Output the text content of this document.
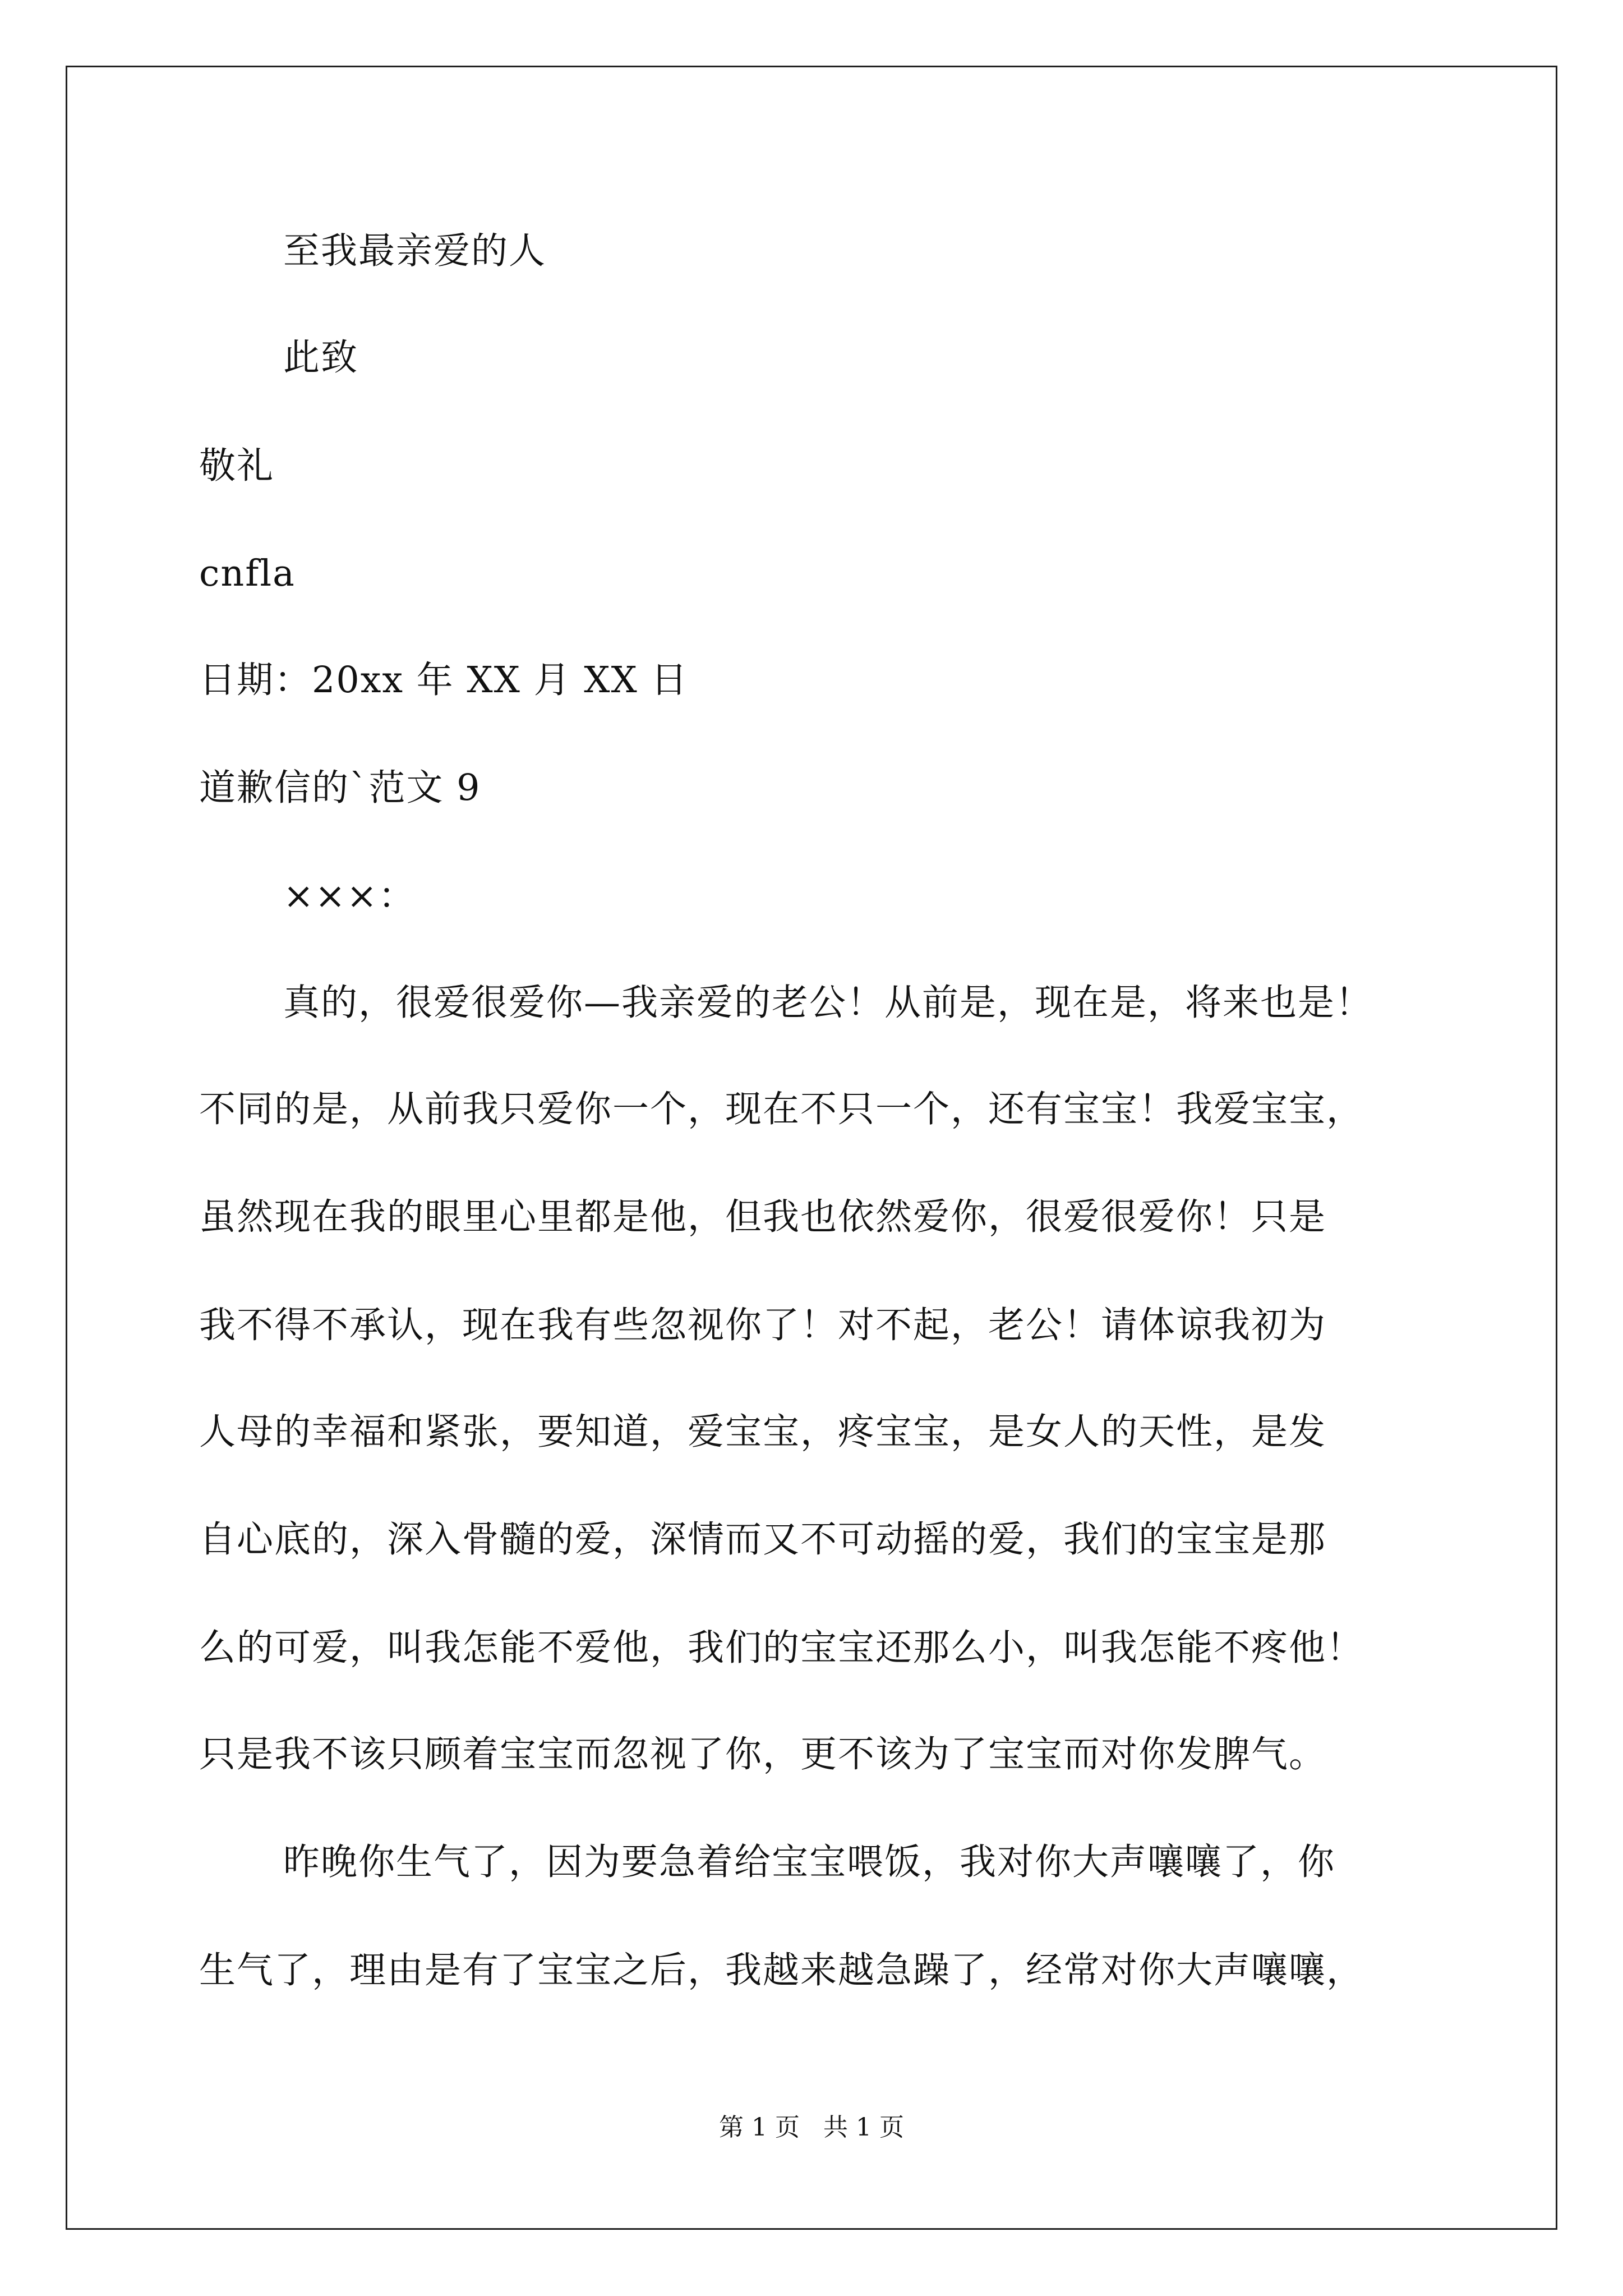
至我最亲爱的人
此致
敬礼
cnfla
日期：20xx 年 XX 月 XX 日
道歉信的`范文 9
×××：
真的，很爱很爱你—我亲爱的老公！从前是，现在是，将来也是！
不同的是，从前我只爱你一个，现在不只一个，还有宝宝！我爱宝宝，
虽然现在我的眼里心里都是他，但我也依然爱你，很爱很爱你！只是
我不得不承认，现在我有些忽视你了！对不起，老公！请体谅我初为
人母的幸福和紧张，要知道，爱宝宝，疼宝宝，是女人的天性，是发
自心底的，深入骨髓的爱，深情而又不可动摇的爱，我们的宝宝是那
么的可爱，叫我怎能不爱他，我们的宝宝还那么小，叫我怎能不疼他！
只是我不该只顾着宝宝而忽视了你，更不该为了宝宝而对你发脾气。
昨晚你生气了，因为要急着给宝宝喂饭，我对你大声嚷嚷了，你
生气了，理由是有了宝宝之后，我越来越急躁了，经常对你大声嚷嚷，
第 1 页   共 1 页
